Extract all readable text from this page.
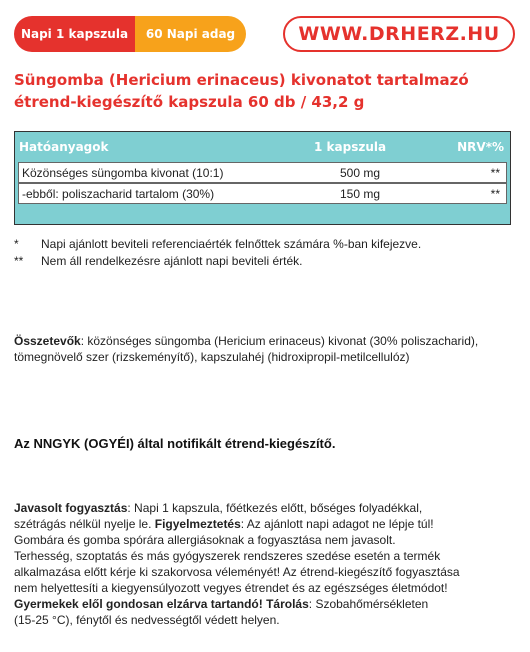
Napi 1 kapszula	60 Napi adag	WWW.DRHERZ.HU
Süngomba (Hericium erinaceus) kivonatot tartalmazó
étrend-kiegészítő kapszula 60 db / 43,2 g
Hatóanyagok	1 kapszula	NRV*%
Közönséges süngomba kivonat (10:1)	500 mg	**
-ebből: poliszacharid tartalom (30%)	150 mg	**
*	Napi ajánlott beviteli referenciaérték felnőttek számára %-ban kifejezve.
**	Nem áll rendelkezésre ajánlott napi beviteli érték.
Összetevők: közönséges süngomba (Hericium erinaceus) kivonat (30% poliszacharid),
tömegnövelő szer (rizskeményítő), kapszulahéj (hidroxipropil-metilcellulóz)
Az NNGYK (OGYÉI) által notifikált étrend-kiegészítő.
Javasolt fogyasztás: Napi 1 kapszula, főétkezés előtt, bőséges folyadékkal,
szétrágás nélkül nyelje le. Figyelmeztetés: Az ajánlott napi adagot ne lépje túl!
Gombára és gomba spórára allergiásoknak a fogyasztása nem javasolt.
Terhesség, szoptatás és más gyógyszerek rendszeres szedése esetén a termék
alkalmazása előtt kérje ki szakorvosa véleményét! Az étrend-kiegészítő fogyasztása
nem helyettesíti a kiegyensúlyozott vegyes étrendet és az egészséges életmódot!
Gyermekek elől gondosan elzárva tartandó! Tárolás: Szobahőmérsékleten
(15-25 °C), fénytől és nedvességtől védett helyen.
